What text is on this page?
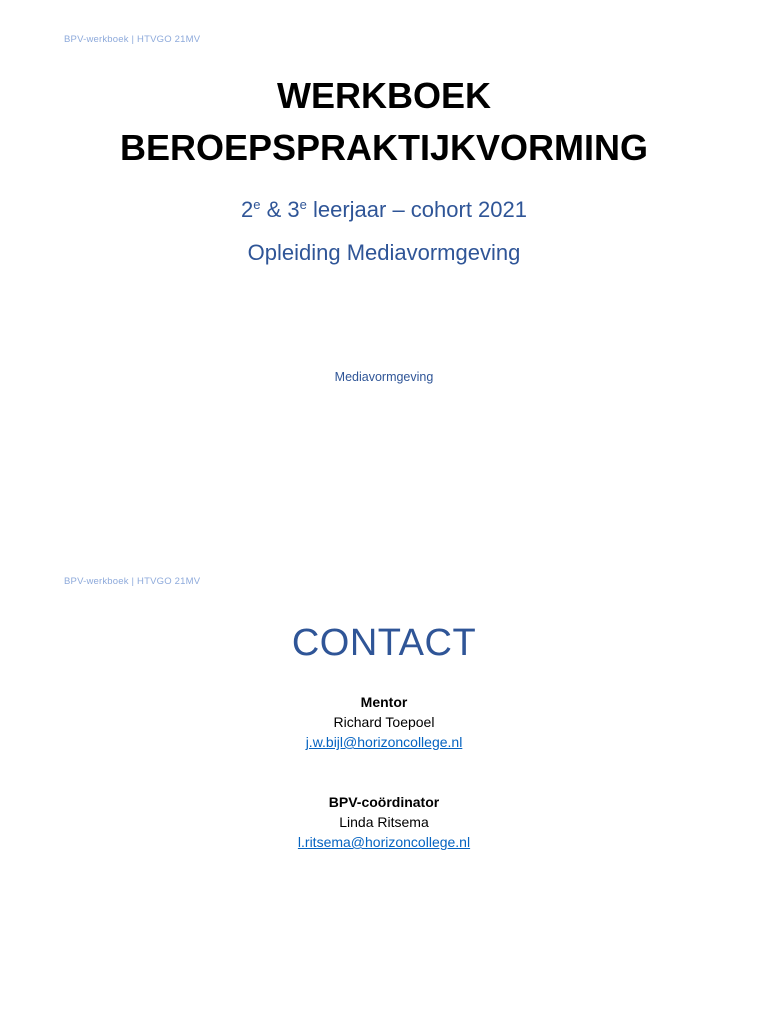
BPV-werkboek | HTVGO 21MV
WERKBOEK
BEROEPSPRAKTIJKVORMING
2e & 3e leerjaar – cohort 2021
Opleiding Mediavormgeving
Mediavormgeving
BPV-werkboek | HTVGO 21MV
CONTACT
Mentor
Richard Toepoel
j.w.bijl@horizoncollege.nl
BPV-coördinator
Linda Ritsema
l.ritsema@horizoncollege.nl
